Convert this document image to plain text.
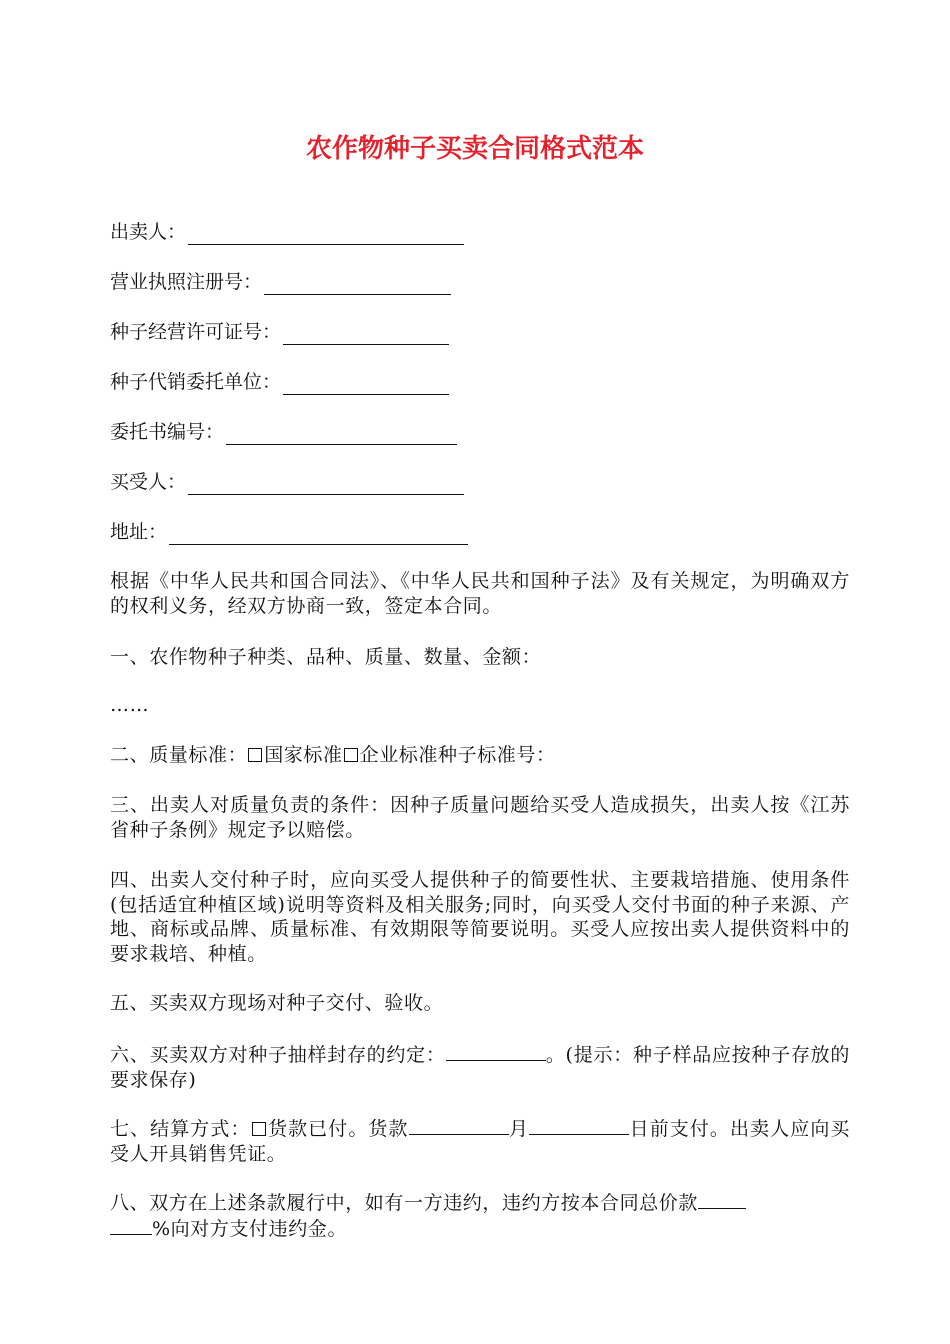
农作物种子买卖合同格式范本
出卖人：
营业执照注册号：
种子经营许可证号：
种子代销委托单位：
委托书编号：
买受人：
地址：
根据《中华人民共和国合同法》、《中华人民共和国种子法》及有关规定，为明确双方的权利义务，经双方协商一致，签定本合同。
一、农作物种子种类、品种、质量、数量、金额：
……
二、质量标准： 国家标准 企业标准种子标准号：
三、出卖人对质量负责的条件：因种子质量问题给买受人造成损失，出卖人按《江苏省种子条例》规定予以赔偿。
四、出卖人交付种子时，应向买受人提供种子的简要性状、主要栽培措施、使用条件(包括适宜种植区域)说明等资料及相关服务;同时，向买受人交付书面的种子来源、产地、商标或品牌、质量标准、有效期限等简要说明。买受人应按出卖人提供资料中的要求栽培、种植。
五、买卖双方现场对种子交付、验收。
六、买卖双方对种子抽样封存的约定：	。(提示：种子样品应按种子存放的要求保存)
七、结算方式： 货款已付。货款	月	日前支付。出卖人应向买受人开具销售凭证。
八、双方在上述条款履行中，如有一方违约，违约方按本合同总价款
%向对方支付违约金。
